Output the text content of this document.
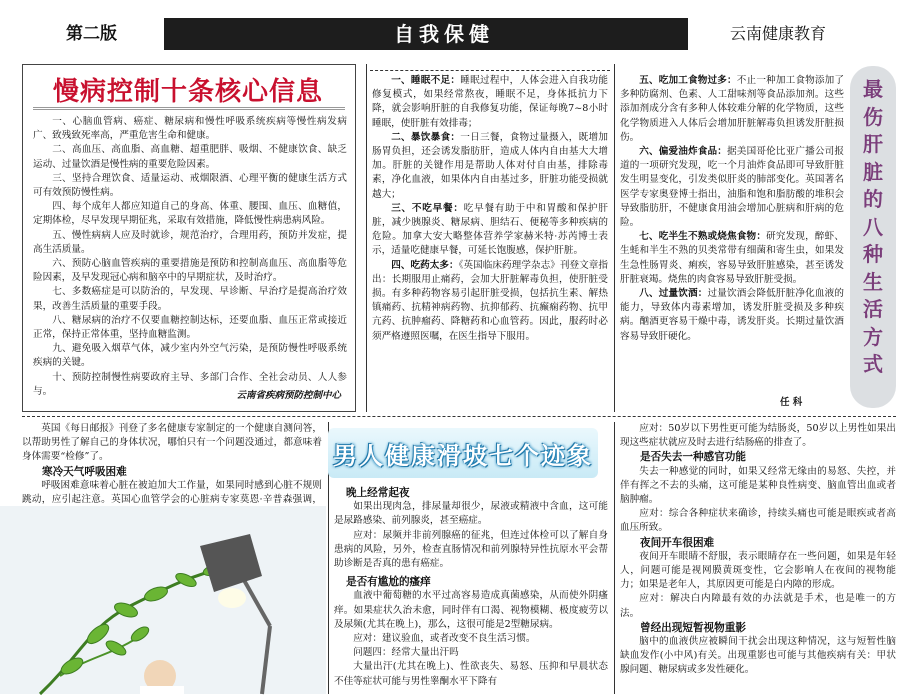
第二版	自我保健	云南健康教育
慢病控制十条核心信息

一、心脑血管病、癌症、糖尿病和慢性呼吸系统疾病等慢性病发病广、致残致死率高，严重危害生命和健康。

二、高血压、高血脂、高血糖、超重肥胖、吸烟、不健康饮食、缺乏运动、过量饮酒是慢性病的重要危险因素。

三、坚持合理饮食、适量运动、戒烟限酒、心理平衡的健康生活方式可有效预防慢性病。

四、每个成年人都应知道自己的身高、体重、腰围、血压、血糖值，定期体检，尽早发现早期征兆，采取有效措施，降低慢性病患病风险。

五、慢性病病人应及时就诊，规范治疗，合理用药，预防并发症，提高生活质量。

六、预防心脑血管疾病的重要措施是预防和控制高血压、高血脂等危险因素，及早发现冠心病和脑卒中的早期症状，及时治疗。

七、多数癌症是可以防治的，早发现、早诊断、早治疗是提高治疗效果，改善生活质量的重要手段。

八、糖尿病的治疗不仅要血糖控制达标，还要血脂、血压正常或接近正常，保持正常体重，坚持血糖监测。

九、避免吸入烟草气体，减少室内外空气污染，是预防慢性呼吸系统疾病的关键。

十、预防控制慢性病要政府主导、多部门合作、全社会动员、人人参与。	云南省疾病预防控制中心

一、睡眠不足：睡眠过程中，人体会进入自我功能修复模式，如果经常熬夜，睡眠不足，身体抵抗力下降，就会影响肝脏的自我修复功能，保证每晚7~8小时睡眠，使肝脏有效排毒；

二、暴饮暴食：一日三餐，食物过量摄入，既增加肠胃负担，还会诱发脂肪肝，造成人体内自由基大大增加。肝脏的关键作用是帮助人体对付自由基，排除毒素，净化血液，如果体内自由基过多，肝脏功能受损就越大；

三、不吃早餐：吃早餐有助于中和胃酸和保护肝脏，减少胰腺炎、糖尿病、胆结石、便秘等多种疾病的危险。加拿大安大略整体营养学家赫米特·苏芮博士表示，适量吃健康早餐，可延长饱腹感，保护肝脏。

四、吃药太多：《英国临床药理学杂志》刊登文章指出：长期服用止痛药，会加大肝脏解毒负担，使肝脏受损。有多种药物容易引起肝脏受损，包括抗生素、解热镇痛药、抗精神病药物、抗抑郁药、抗癫痫药物、抗甲亢药、抗肿瘤药、降糖药和心血管药。因此，服药时必须严格遵照医嘱，在医生指导下服用。

五、吃加工食物过多：不止一种加工食物添加了多种防腐剂、色素、人工甜味剂等食品添加剂。这些添加剂成分含有多种人体较难分解的化学物质，这些化学物质进入人体后会增加肝脏解毒负担诱发肝脏损伤。

六、偏爱油炸食品：据美国哥伦比亚广播公司报道的一项研究发现，吃一个月油炸食品即可导致肝脏发生明显变化，引发类似肝炎的肺部变化。英国著名医学专家奥登博士指出，油脂和饱和脂肪酸的堆积会导致脂肪肝，不健康食用油会增加心脏病和肝病的危险。

七、吃半生不熟或烧焦食物：研究发现，醉虾、生蚝和半生不熟的贝类常带有细菌和寄生虫，如果发生急性肠胃炎、痢疾，容易导致肝脏感染，甚至诱发肝脏衰竭。烧焦的肉食容易导致肝脏受损。

八、过量饮酒：过量饮酒会降低肝脏净化血液的能力，导致体内毒素增加，诱发肝脏受损及多种疾病。酗酒更容易干燥中毒，诱发肝炎。长期过量饮酒容易导致肝硬化。

任 科
最伤肝脏的八种生活方式

英国《每日邮报》刊登了多名健康专家制定的一个健康自测问答，以帮助男性了解自己的身体状况，哪怕只有一个问题没通过，都意味着身体需要“检修”了。

寒冷天气呼吸困难

呼吸困难意味着心脏在被迫加大工作量，如果同时感到心脏不规则跳动，应引起注意。英国心血管学会的心脏病专家莫恩·辛普森强调，

男人健康滑坡七个迹象

晚上经常起夜

如果出现肉急，排尿量却很少，尿液或精液中含血，这可能是尿路感染、前列腺炎，甚至癌症。

应对：尿频并非前列腺癌的征兆，但连过体检可以了解自身患病的风险，另外，检查直肠情况和前列腺特异性抗原水平会帮助诊断是否真的患有癌症。

是否有尴尬的瘙痒

血液中葡萄糖的水平过高容易造成真菌感染，从而使外阴瘙痒。如果症状久治未愈，同时伴有口渴、视物模糊、极度疲劳以及尿频(尤其在晚上)，那么，这很可能是2型糖尿病。

应对：建议验血，或者改变不良生活习惯。

问题四：经常大量出汗吗

大量出汗(尤其在晚上)、性欲丧失、易怒、压抑和早晨状态不佳等症状可能与男性睾酮水平下降有

应对：50岁以下男性更可能为结肠炎，50岁以上男性如果出现这些症状就应及时去进行结肠癌的排查了。

是否失去一种感官功能

失去一种感觉的同时，如果又经常无缘由的易怒、失控，并伴有挥之不去的头痛，这可能是某种良性病变、脑血管出血或者脑肿瘤。

应对：综合各种症状来确诊，持续头痛也可能是眼疾或者高血压所致。

夜间开车很困难

夜间开车眼睛不舒服，表示眼睛存在一些问题，如果是年轻人，问题可能是视网膜黄斑变性，它会影响人在夜间的视物能力；如果是老年人，其原因更可能是白内障的形成。

应对：解决白内障最有效的办法就是手术，也是唯一的方法。

曾经出现短暂视物重影

脑中的血液供应被瞬间干扰会出现这种情况，这与短暂性脑缺血发作(小中风)有关。出现重影也可能与其他疾病有关：甲状腺问题、糖尿病或多发性硬化。
